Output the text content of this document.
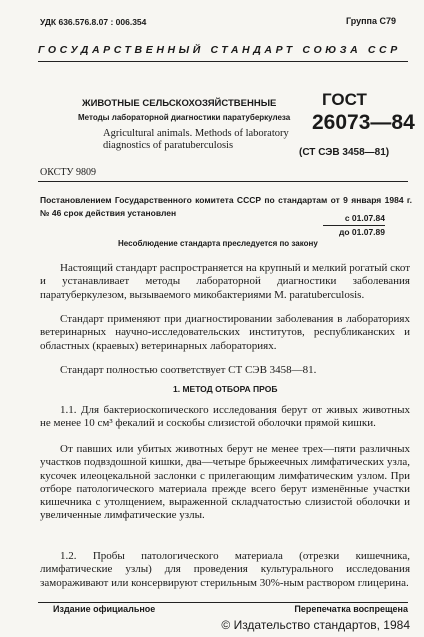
УДК 636.576.8.07 : 006.354	Группа С79
ГОСУДАРСТВЕННЫЙ СТАНДАРТ СОЮЗА ССР
ЖИВОТНЫЕ СЕЛЬСКОХОЗЯЙСТВЕННЫЕ
Методы лабораторной диагностики паратуберкулеза
Agricultural animals. Methods of laboratory diagnostics of paratuberculosis
ГОСТ
26073—84
(СТ СЭВ 3458—81)
ОКСТУ 9809
Постановлением Государственного комитета СССР по стандартам от 9 января 1984 г. № 46 срок действия установлен	с 01.07.84
до 01.07.89
Несоблюдение стандарта преследуется по закону
Настоящий стандарт распространяется на крупный и мелкий рогатый скот и устанавливает методы лабораторной диагностики заболевания паратуберкулезом, вызываемого микобактериями M. paratuberculosis.
Стандарт применяют при диагностировании заболевания в лабораториях ветеринарных научно-исследовательских институтов, республиканских и областных (краевых) ветеринарных лабораториях.
Стандарт полностью соответствует СТ СЭВ 3458—81.
1. МЕТОД ОТБОРА ПРОБ
1.1. Для бактериоскопического исследования берут от живых животных не менее 10 см³ фекалий и соскобы слизистой оболочки прямой кишки.
От павших или убитых животных берут не менее трех—пяти различных участков подвздошной кишки, два—четыре брыжеечных лимфатических узла, кусочек илеоцекальной заслонки с прилегающим лимфатическим узлом. При отборе патологического материала прежде всего берут изменённые участки кишечника с утолщением, выраженной складчатостью слизистой оболочки и увеличенные лимфатические узлы.
1.2. Пробы патологического материала (отрезки кишечника, лимфатические узлы) для проведения культурального исследования замораживают или консервируют стерильным 30%-ным раствором глицерина.
Издание официальное	Перепечатка воспрещена
© Издательство стандартов, 1984
